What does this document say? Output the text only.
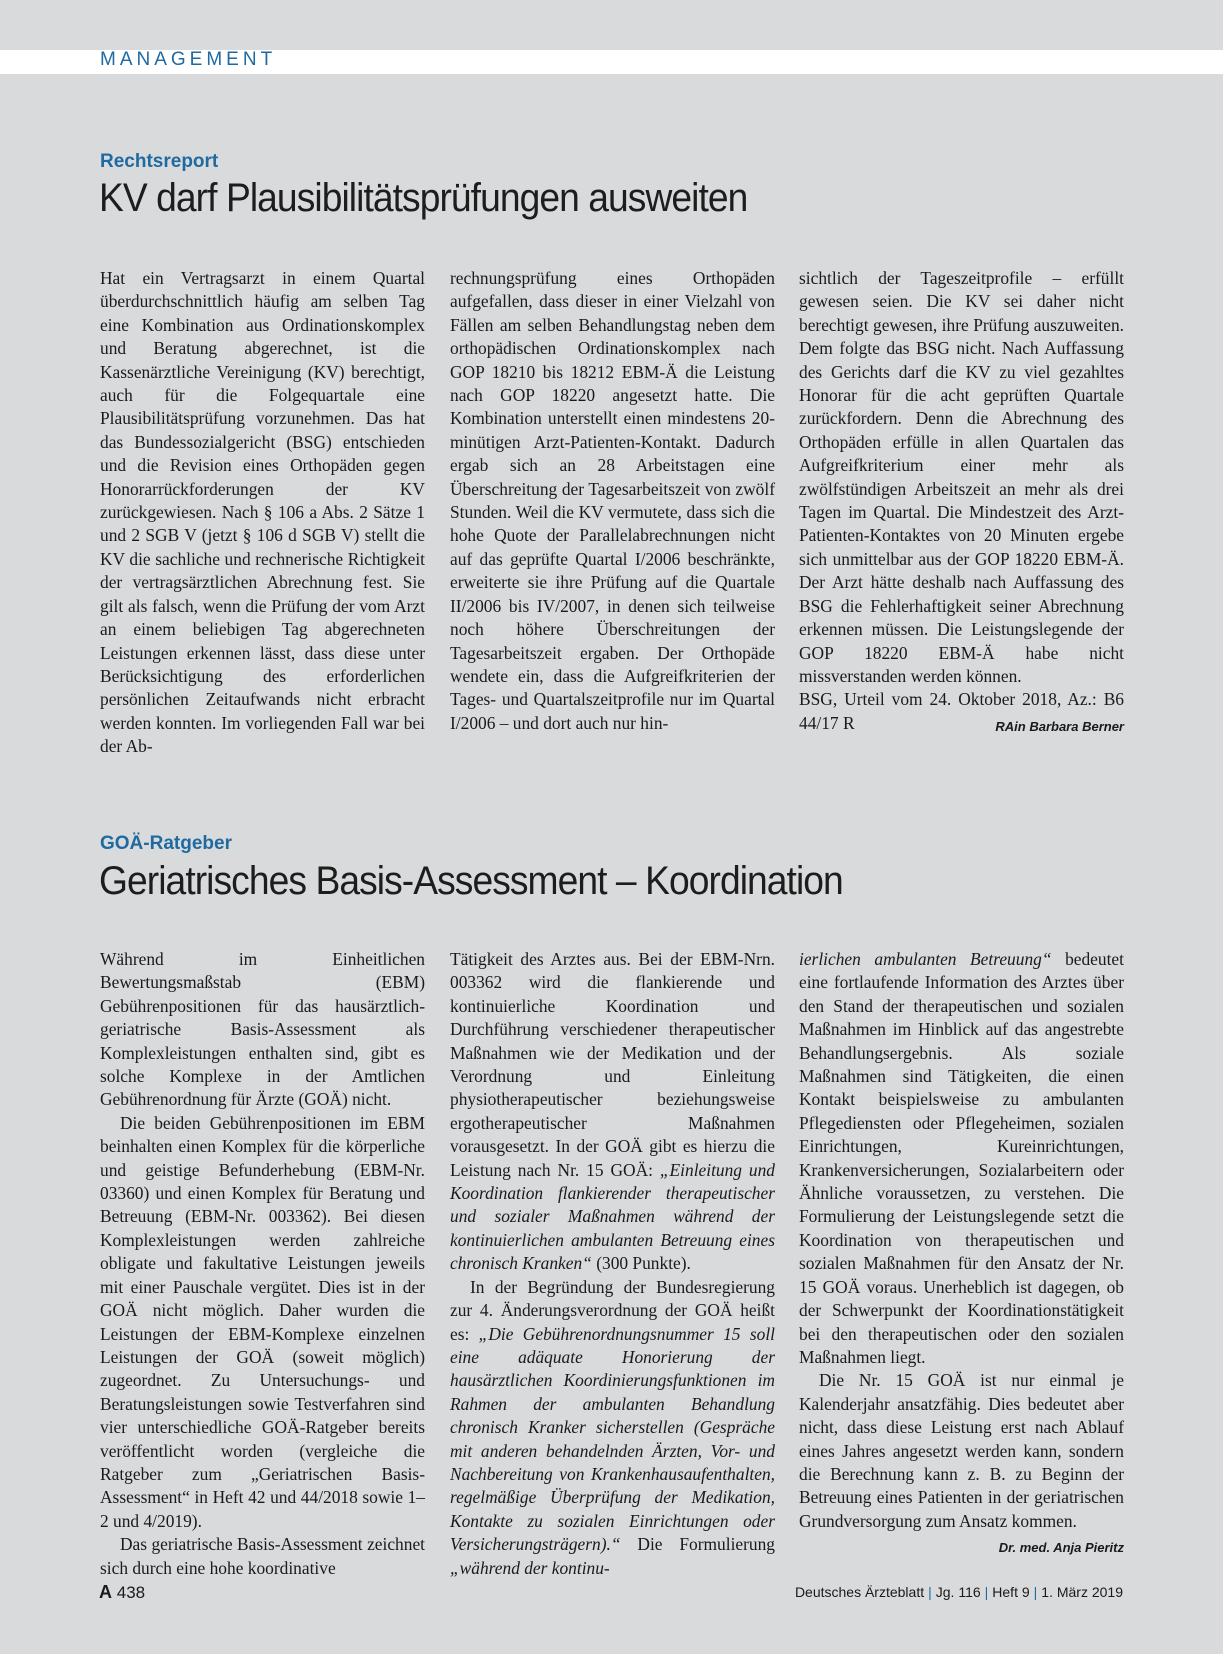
MANAGEMENT
Rechtsreport
KV darf Plausibilitätsprüfungen ausweiten

Hat ein Vertragsarzt in einem Quartal überdurchschnittlich häufig am selben Tag eine Kombination aus Ordinationskomplex und Beratung abgerechnet, ist die Kassenärztliche Vereinigung (KV) berechtigt, auch für die Folgequartale eine Plausibilitätsprüfung vorzunehmen. Das hat das Bundessozialgericht (BSG) entschieden und die Revision eines Orthopäden gegen Honorarrückforderungen der KV zurückgewiesen. Nach § 106 a Abs. 2 Sätze 1 und 2 SGB V (jetzt § 106 d SGB V) stellt die KV die sachliche und rechnerische Richtigkeit der vertragsärztlichen Abrechnung fest. Sie gilt als falsch, wenn die Prüfung der vom Arzt an einem beliebigen Tag abgerechneten Leistungen erkennen lässt, dass diese unter Berücksichtigung des erforderlichen persönlichen Zeitaufwands nicht erbracht werden konnten. Im vorliegenden Fall war bei der Ab-

rechnungsprüfung eines Orthopäden aufgefallen, dass dieser in einer Vielzahl von Fällen am selben Behandlungstag neben dem orthopädischen Ordinationskomplex nach GOP 18210 bis 18212 EBM-Ä die Leistung nach GOP 18220 angesetzt hatte. Die Kombination unterstellt einen mindestens 20-minütigen Arzt-Patienten-Kontakt. Dadurch ergab sich an 28 Arbeitstagen eine Überschreitung der Tagesarbeitszeit von zwölf Stunden. Weil die KV vermutete, dass sich die hohe Quote der Parallelabrechnungen nicht auf das geprüfte Quartal I/2006 beschränkte, erweiterte sie ihre Prüfung auf die Quartale II/2006 bis IV/2007, in denen sich teilweise noch höhere Überschreitungen der Tagesarbeitszeit ergaben. Der Orthopäde wendete ein, dass die Aufgreifkriterien der Tages- und Quartalszeitprofile nur im Quartal I/2006 – und dort auch nur hin-

sichtlich der Tageszeitprofile – erfüllt gewesen seien. Die KV sei daher nicht berechtigt gewesen, ihre Prüfung auszuweiten. Dem folgte das BSG nicht. Nach Auffassung des Gerichts darf die KV zu viel gezahltes Honorar für die acht geprüften Quartale zurückfordern. Denn die Abrechnung des Orthopäden erfülle in allen Quartalen das Aufgreifkriterium einer mehr als zwölfstündigen Arbeitszeit an mehr als drei Tagen im Quartal. Die Mindestzeit des Arzt-Patienten-Kontaktes von 20 Minuten ergebe sich unmittelbar aus der GOP 18220 EBM-Ä. Der Arzt hätte deshalb nach Auffassung des BSG die Fehlerhaftigkeit seiner Abrechnung erkennen müssen. Die Leistungslegende der GOP 18220 EBM-Ä habe nicht missverstanden werden können.

BSG, Urteil vom 24. Oktober 2018, Az.: B6 44/17 R	RAin Barbara Berner

GOÄ-Ratgeber
Geriatrisches Basis-Assessment – Koordination

Während im Einheitlichen Bewertungsmaßstab (EBM) Gebührenpositionen für das hausärztlich-geriatrische Basis-Assessment als Komplexleistungen enthalten sind, gibt es solche Komplexe in der Amtlichen Gebührenordnung für Ärzte (GOÄ) nicht.

Die beiden Gebührenpositionen im EBM beinhalten einen Komplex für die körperliche und geistige Befunderhebung (EBM-Nr. 03360) und einen Komplex für Beratung und Betreuung (EBM-Nr. 003362). Bei diesen Komplexleistungen werden zahlreiche obligate und fakultative Leistungen jeweils mit einer Pauschale vergütet. Dies ist in der GOÄ nicht möglich. Daher wurden die Leistungen der EBM-Komplexe einzelnen Leistungen der GOÄ (soweit möglich) zugeordnet. Zu Untersuchungs- und Beratungsleistungen sowie Testverfahren sind vier unterschiedliche GOÄ-Ratgeber bereits veröffentlicht worden (vergleiche die Ratgeber zum „Geriatrischen Basis-Assessment“ in Heft 42 und 44/2018 sowie 1–2 und 4/2019).

Das geriatrische Basis-Assessment zeichnet sich durch eine hohe koordinative

Tätigkeit des Arztes aus. Bei der EBM-Nrn. 003362 wird die flankierende und kontinuierliche Koordination und Durchführung verschiedener therapeutischer Maßnahmen wie der Medikation und der Verordnung und Einleitung physiotherapeutischer beziehungsweise ergotherapeutischer Maßnahmen vorausgesetzt. In der GOÄ gibt es hierzu die Leistung nach Nr. 15 GOÄ: „Einleitung und Koordination flankierender therapeutischer und sozialer Maßnahmen während der kontinuierlichen ambulanten Betreuung eines chronisch Kranken“ (300 Punkte).

In der Begründung der Bundesregierung zur 4. Änderungsverordnung der GOÄ heißt es: „Die Gebührenordnungsnummer 15 soll eine adäquate Honorierung der hausärztlichen Koordinierungsfunktionen im Rahmen der ambulanten Behandlung chronisch Kranker sicherstellen (Gespräche mit anderen behandelnden Ärzten, Vor- und Nachbereitung von Krankenhausaufenthalten, regelmäßige Überprüfung der Medikation, Kontakte zu sozialen Einrichtungen oder Versicherungsträgern).“ Die Formulierung „während der kontinu-

ierlichen ambulanten Betreuung“ bedeutet eine fortlaufende Information des Arztes über den Stand der therapeutischen und sozialen Maßnahmen im Hinblick auf das angestrebte Behandlungsergebnis. Als soziale Maßnahmen sind Tätigkeiten, die einen Kontakt beispielsweise zu ambulanten Pflegediensten oder Pflegeheimen, sozialen Einrichtungen, Kureinrichtungen, Krankenversicherungen, Sozialarbeitern oder Ähnliche voraussetzen, zu verstehen. Die Formulierung der Leistungslegende setzt die Koordination von therapeutischen und sozialen Maßnahmen für den Ansatz der Nr. 15 GOÄ voraus. Unerheblich ist dagegen, ob der Schwerpunkt der Koordinationstätigkeit bei den therapeutischen oder den sozialen Maßnahmen liegt.

Die Nr. 15 GOÄ ist nur einmal je Kalenderjahr ansatzfähig. Dies bedeutet aber nicht, dass diese Leistung erst nach Ablauf eines Jahres angesetzt werden kann, sondern die Berechnung kann z. B. zu Beginn der Betreuung eines Patienten in der geriatrischen Grundversorgung zum Ansatz kommen.
Dr. med. Anja Pieritz

A 438	Deutsches Ärzteblatt | Jg. 116 | Heft 9 | 1. März 2019
